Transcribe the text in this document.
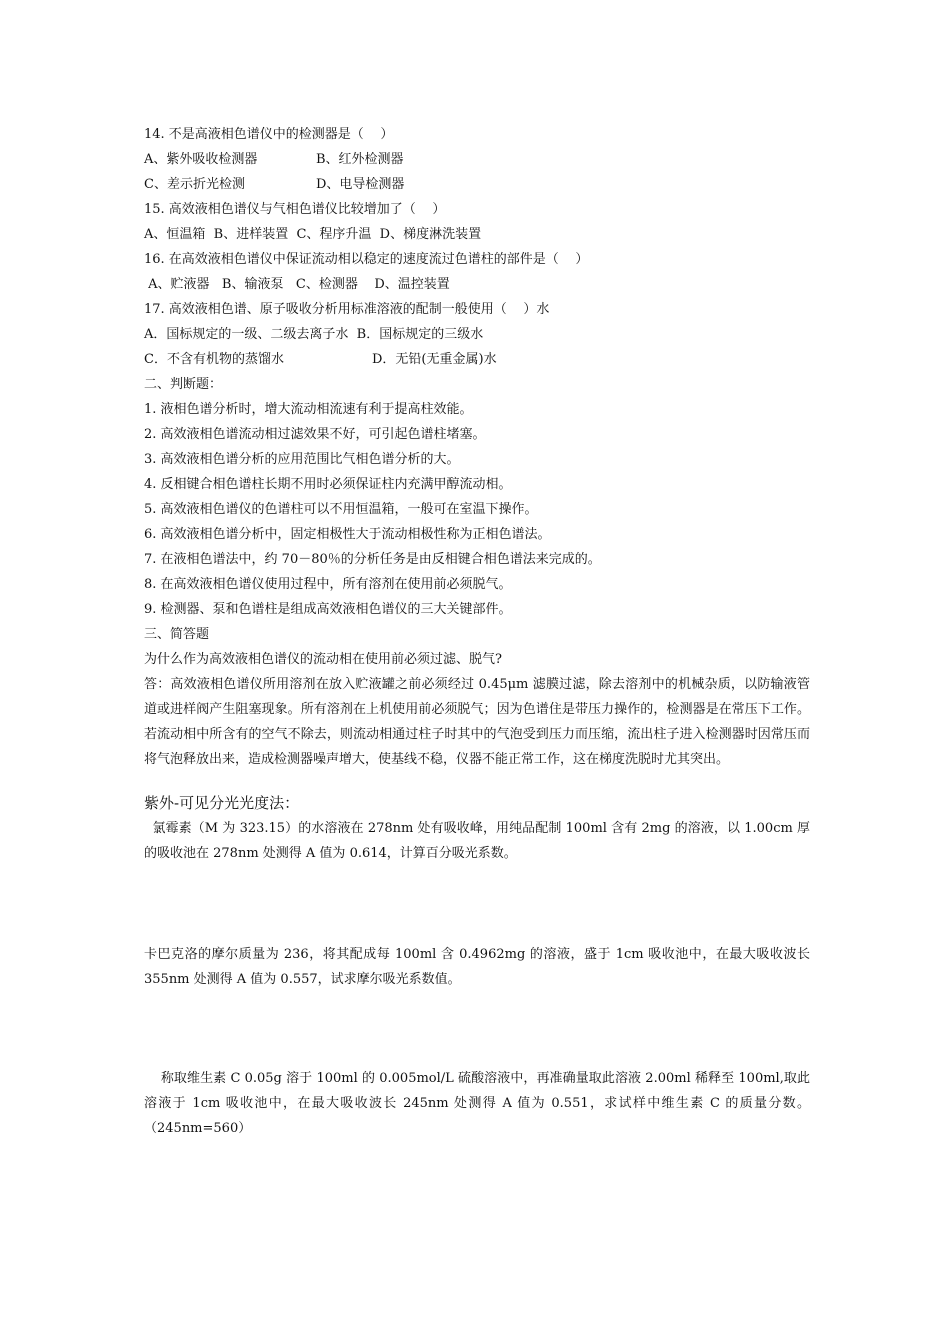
14. 不是高液相色谱仪中的检测器是（    ）
A、紫外吸收检测器	B、红外检测器
C、差示折光检测	D、电导检测器
15. 高效液相色谱仪与气相色谱仪比较增加了（    ）
A、恒温箱  B、进样装置  C、程序升温  D、梯度淋洗装置
16. 在高效液相色谱仪中保证流动相以稳定的速度流过色谱柱的部件是（    ）
A、贮液器   B、输液泵   C、检测器    D、温控装置
17. 高效液相色谱、原子吸收分析用标准溶液的配制一般使用（    ）水
A．国标规定的一级、二级去离子水  B．国标规定的三级水
C．不含有机物的蒸馏水	D．无铅(无重金属)水
二、判断题：
1. 液相色谱分析时，增大流动相流速有利于提高柱效能。
2. 高效液相色谱流动相过滤效果不好，可引起色谱柱堵塞。
3. 高效液相色谱分析的应用范围比气相色谱分析的大。
4. 反相键合相色谱柱长期不用时必须保证柱内充满甲醇流动相。
5. 高效液相色谱仪的色谱柱可以不用恒温箱，一般可在室温下操作。
6. 高效液相色谱分析中，固定相极性大于流动相极性称为正相色谱法。
7. 在液相色谱法中，约 70－80％的分析任务是由反相键合相色谱法来完成的。
8. 在高效液相色谱仪使用过程中，所有溶剂在使用前必须脱气。
9. 检测器、泵和色谱柱是组成高效液相色谱仪的三大关键部件。
三、简答题
为什么作为高效液相色谱仪的流动相在使用前必须过滤、脱气?
答：高效液相色谱仪所用溶剂在放入贮液罐之前必须经过 0.45μm 滤膜过滤，除去溶剂中的机械杂质，以防输液管道或进样阀产生阻塞现象。所有溶剂在上机使用前必须脱气；因为色谱住是带压力操作的，检测器是在常压下工作。若流动相中所含有的空气不除去，则流动相通过柱子时其中的气泡受到压力而压缩，流出柱子进入检测器时因常压而将气泡释放出来，造成检测器噪声增大，使基线不稳，仪器不能正常工作，这在梯度洗脱时尤其突出。
紫外-可见分光光度法：
氯霉素（M 为 323.15）的水溶液在 278nm 处有吸收峰，用纯品配制 100ml 含有 2mg 的溶液，以 1.00cm 厚的吸收池在 278nm 处测得 A 值为 0.614，计算百分吸光系数。
卡巴克洛的摩尔质量为 236，将其配成每 100ml 含 0.4962mg 的溶液，盛于 1cm 吸收池中，在最大吸收波长 355nm 处测得 A 值为 0.557，试求摩尔吸光系数值。
称取维生素 C 0.05g 溶于 100ml 的 0.005mol/L 硫酸溶液中，再准确量取此溶液 2.00ml 稀释至 100ml,取此溶液于 1cm 吸收池中，在最大吸收波长 245nm 处测得 A 值为 0.551，求试样中维生素 C 的质量分数。（245nm=560）
